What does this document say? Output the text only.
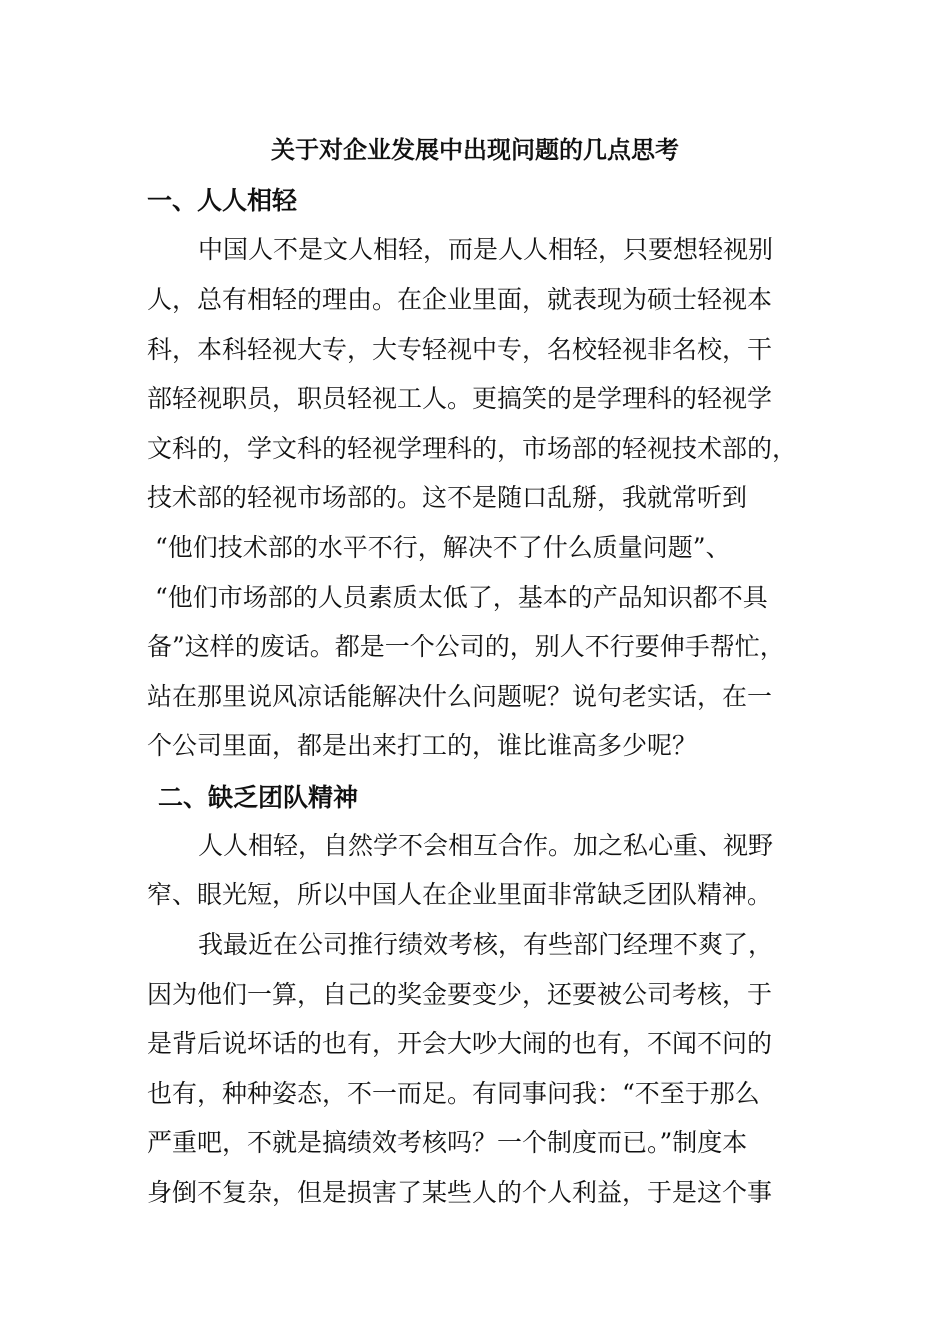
关于对企业发展中出现问题的几点思考
一、人人相轻
中国人不是文人相轻，而是人人相轻，只要想轻视别
人，总有相轻的理由。在企业里面，就表现为硕士轻视本
科，本科轻视大专，大专轻视中专，名校轻视非名校，干
部轻视职员，职员轻视工人。更搞笑的是学理科的轻视学
文科的，学文科的轻视学理科的，市场部的轻视技术部的，
技术部的轻视市场部的。这不是随口乱掰，我就常听到
“他们技术部的水平不行，解决不了什么质量问题”、
“他们市场部的人员素质太低了，基本的产品知识都不具
备”这样的废话。都是一个公司的，别人不行要伸手帮忙，
站在那里说风凉话能解决什么问题呢？说句老实话，在一
个公司里面，都是出来打工的，谁比谁高多少呢？
二、缺乏团队精神
人人相轻，自然学不会相互合作。加之私心重、视野
窄、眼光短，所以中国人在企业里面非常缺乏团队精神。
我最近在公司推行绩效考核，有些部门经理不爽了，
因为他们一算，自己的奖金要变少，还要被公司考核，于
是背后说坏话的也有，开会大吵大闹的也有，不闻不问的
也有，种种姿态，不一而足。有同事问我：“不至于那么
严重吧，不就是搞绩效考核吗？一个制度而已。”制度本
身倒不复杂，但是损害了某些人的个人利益，于是这个事
